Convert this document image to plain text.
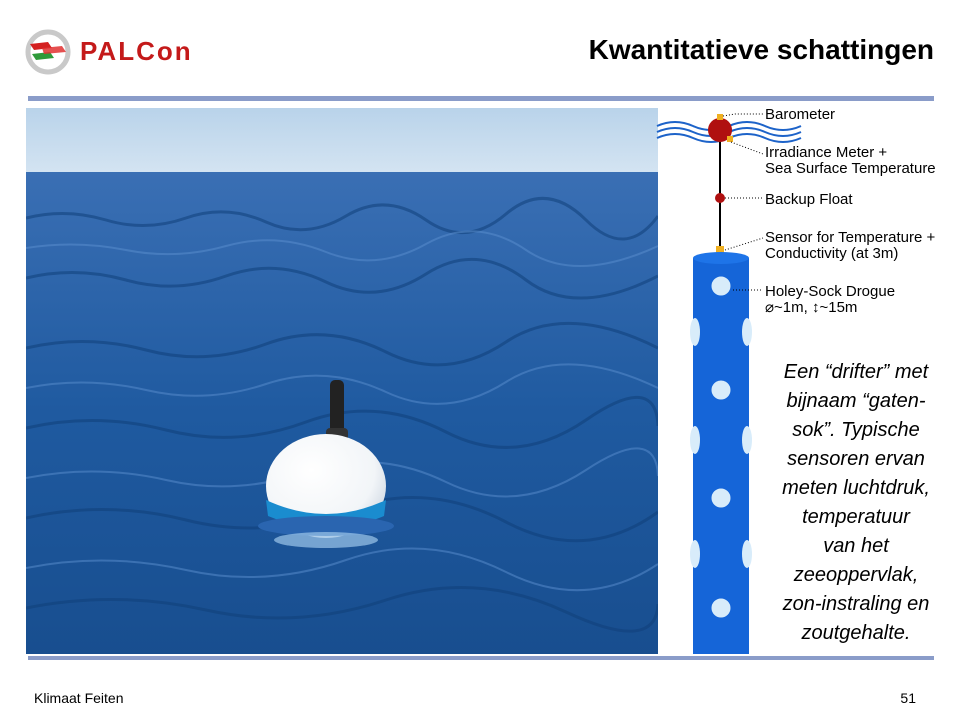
PALCon	Kwantitatieve schattingen
Barometer
Irradiance Meter +
Sea Surface Temperature
Backup Float
Sensor for Temperature +
Conductivity (at 3m)
Holey-Sock Drogue
⌀~1m, ↕~15m
Een “drifter” met
bijnaam “gaten-
sok”. Typische
sensoren ervan
meten luchtdruk,
temperatuur
van het
zeeoppervlak,
zon-instraling en
zoutgehalte.
Klimaat Feiten	51
